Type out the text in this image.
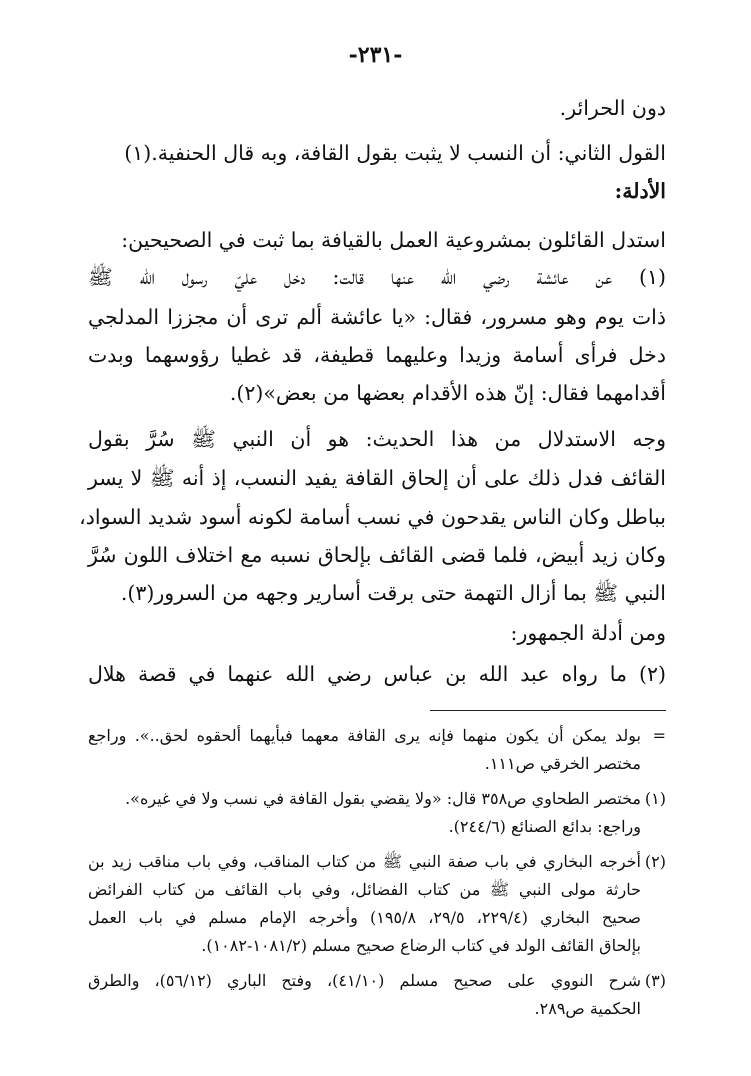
-٢٣١-
دون الحرائر.
القول الثاني: أن النسب لا يثبت بقول القافة، وبه قال الحنفية.(١)
الأدلة:
استدل القائلون بمشروعية العمل بالقيافة بما ثبت في الصحيحين:
(١) عن عائشة رضي الله عنها قالت: دخل عليّ رسول الله ﷺ
ذات يوم وهو مسرور، فقال: «يا عائشة ألم ترى أن مجززا المدلجي
دخل فرأى أسامة وزيدا وعليهما قطيفة، قد غطيا رؤوسهما وبدت
أقدامهما فقال: إنّ هذه الأقدام بعضها من بعض»(٢).
وجه الاستدلال من هذا الحديث: هو أن النبي ﷺ سُرَّ بقول
القائف فدل ذلك على أن إلحاق القافة يفيد النسب، إذ أنه ﷺ لا يسر
بباطل وكان الناس يقدحون في نسب أسامة لكونه أسود شديد السواد،
وكان زيد أبيض، فلما قضى القائف بإلحاق نسبه مع اختلاف اللون سُرَّ
النبي ﷺ بما أزال التهمة حتى برقت أسارير وجهه من السرور(٣).
ومن أدلة الجمهور:
(٢) ما رواه عبد الله بن عباس رضي الله عنهما في قصة هلال
=
بولد يمكن أن يكون منهما فإنه يرى القافة معهما فبأيهما ألحقوه لحق..». وراجع
مختصر الخرقي ص١١١.
(١)
مختصر الطحاوي ص٣٥٨ قال: «ولا يقضي بقول القافة في نسب ولا في غيره».
وراجع: بدائع الصنائع (٢٤٤/٦).
(٢)
أخرجه البخاري في باب صفة النبي ﷺ من كتاب المناقب، وفي باب مناقب زيد بن
حارثة مولى النبي ﷺ من كتاب الفضائل، وفي باب القائف من كتاب الفرائض
صحيح البخاري (٢٢٩/٤، ٢٩/٥، ١٩٥/٨) وأخرجه الإمام مسلم في باب العمل
بإلحاق القائف الولد في كتاب الرضاع صحيح مسلم (١٠٨١/٢-١٠٨٢).
(٣)
شرح النووي على صحيح مسلم (٤١/١٠)، وفتح الباري (٥٦/١٢)، والطرق
الحكمية ص٢٨٩.
